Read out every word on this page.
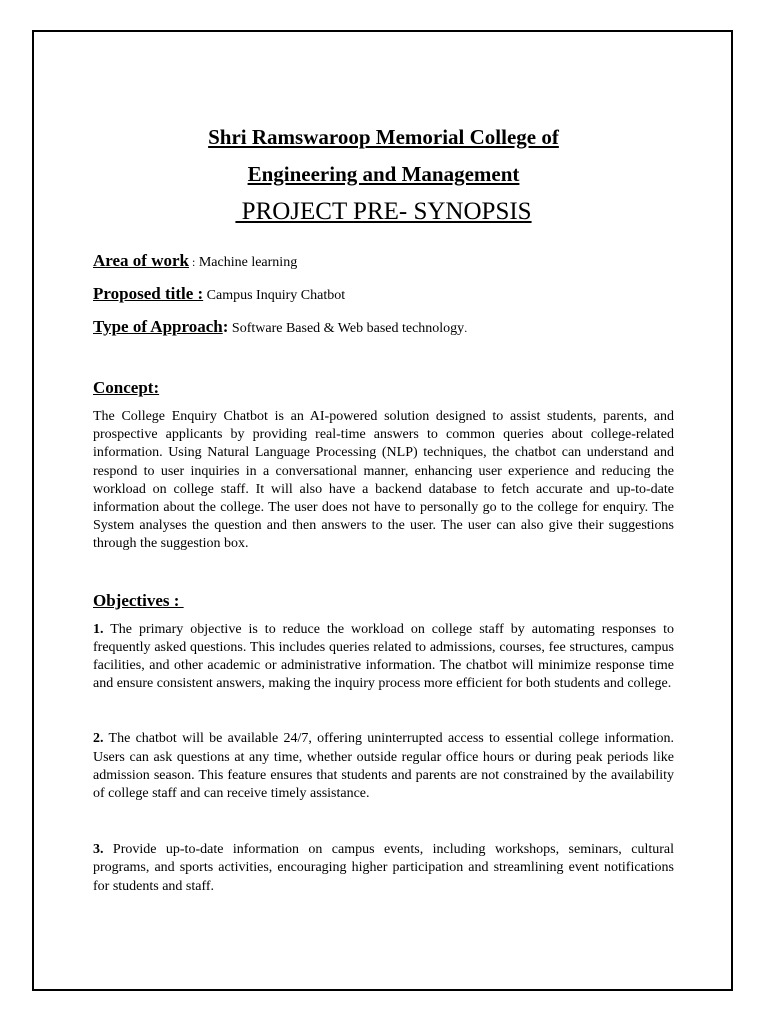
Shri Ramswaroop Memorial College of

Engineering and Management

PROJECT PRE- SYNOPSIS

Area of work : Machine learning

Proposed title : Campus Inquiry Chatbot

Type of Approach: Software Based & Web based technology.

Concept:

The College Enquiry Chatbot is an AI-powered solution designed to assist students, parents, and prospective applicants by providing real-time answers to common queries about college-related information. Using Natural Language Processing (NLP) techniques, the chatbot can understand and respond to user inquiries in a conversational manner, enhancing user experience and reducing the workload on college staff. It will also have a backend database to fetch accurate and up-to-date information about the college. The user does not have to personally go to the college for enquiry. The System analyses the question and then answers to the user. The user can also give their suggestions through the suggestion box.

Objectives :

1. The primary objective is to reduce the workload on college staff by automating responses to frequently asked questions. This includes queries related to admissions, courses, fee structures, campus facilities, and other academic or administrative information. The chatbot will minimize response time and ensure consistent answers, making the inquiry process more efficient for both students and college.

2. The chatbot will be available 24/7, offering uninterrupted access to essential college information. Users can ask questions at any time, whether outside regular office hours or during peak periods like admission season. This feature ensures that students and parents are not constrained by the availability of college staff and can receive timely assistance.

3. Provide up-to-date information on campus events, including workshops, seminars, cultural programs, and sports activities, encouraging higher participation and streamlining event notifications for students and staff.
